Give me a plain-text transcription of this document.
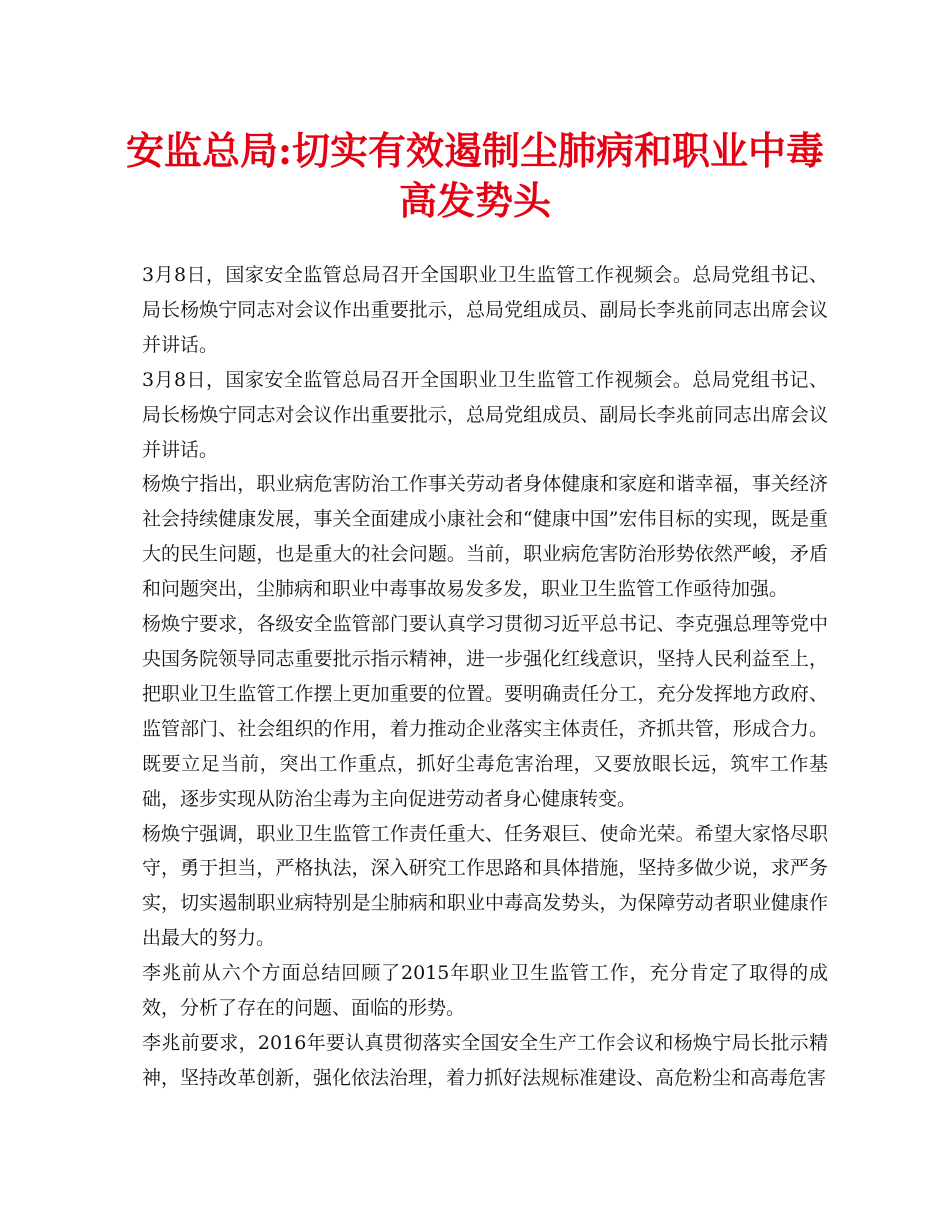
安监总局:切实有效遏制尘肺病和职业中毒高发势头

3月8日，国家安全监管总局召开全国职业卫生监管工作视频会。总局党组书记、局长杨焕宁同志对会议作出重要批示，总局党组成员、副局长李兆前同志出席会议并讲话。

3月8日，国家安全监管总局召开全国职业卫生监管工作视频会。总局党组书记、局长杨焕宁同志对会议作出重要批示，总局党组成员、副局长李兆前同志出席会议并讲话。

杨焕宁指出，职业病危害防治工作事关劳动者身体健康和家庭和谐幸福，事关经济社会持续健康发展，事关全面建成小康社会和“健康中国”宏伟目标的实现，既是重大的民生问题，也是重大的社会问题。当前，职业病危害防治形势依然严峻，矛盾和问题突出，尘肺病和职业中毒事故易发多发，职业卫生监管工作亟待加强。

杨焕宁要求，各级安全监管部门要认真学习贯彻习近平总书记、李克强总理等党中央国务院领导同志重要批示指示精神，进一步强化红线意识，坚持人民利益至上，把职业卫生监管工作摆上更加重要的位置。要明确责任分工，充分发挥地方政府、监管部门、社会组织的作用，着力推动企业落实主体责任，齐抓共管，形成合力。既要立足当前，突出工作重点，抓好尘毒危害治理，又要放眼长远，筑牢工作基础，逐步实现从防治尘毒为主向促进劳动者身心健康转变。

杨焕宁强调，职业卫生监管工作责任重大、任务艰巨、使命光荣。希望大家恪尽职守，勇于担当，严格执法，深入研究工作思路和具体措施，坚持多做少说，求严务实，切实遏制职业病特别是尘肺病和职业中毒高发势头，为保障劳动者职业健康作出最大的努力。

李兆前从六个方面总结回顾了2015年职业卫生监管工作，充分肯定了取得的成效，分析了存在的问题、面临的形势。

李兆前要求，2016年要认真贯彻落实全国安全生产工作会议和杨焕宁局长批示精神，坚持改革创新，强化依法治理，着力抓好法规标准建设、高危粉尘和高毒危害
